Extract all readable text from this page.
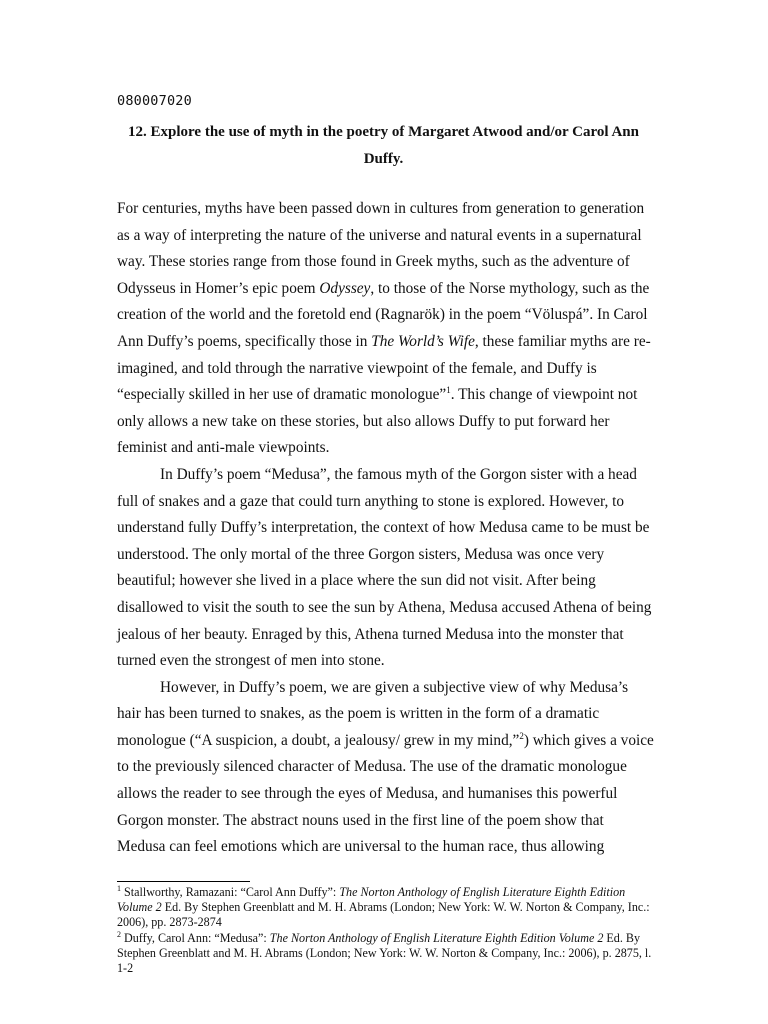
080007020
12. Explore the use of myth in the poetry of Margaret Atwood and/or Carol Ann Duffy.

For centuries, myths have been passed down in cultures from generation to generation as a way of interpreting the nature of the universe and natural events in a supernatural way. These stories range from those found in Greek myths, such as the adventure of Odysseus in Homer’s epic poem Odyssey, to those of the Norse mythology, such as the creation of the world and the foretold end (Ragnarök) in the poem “Völuspá”. In Carol Ann Duffy’s poems, specifically those in The World’s Wife, these familiar myths are re-imagined, and told through the narrative viewpoint of the female, and Duffy is “especially skilled in her use of dramatic monologue”$^1$. This change of viewpoint not only allows a new take on these stories, but also allows Duffy to put forward her feminist and anti-male viewpoints.

In Duffy’s poem “Medusa”, the famous myth of the Gorgon sister with a head full of snakes and a gaze that could turn anything to stone is explored. However, to understand fully Duffy’s interpretation, the context of how Medusa came to be must be understood. The only mortal of the three Gorgon sisters, Medusa was once very beautiful; however she lived in a place where the sun did not visit. After being disallowed to visit the south to see the sun by Athena, Medusa accused Athena of being jealous of her beauty. Enraged by this, Athena turned Medusa into the monster that turned even the strongest of men into stone.

However, in Duffy’s poem, we are given a subjective view of why Medusa’s hair has been turned to snakes, as the poem is written in the form of a dramatic monologue (“A suspicion, a doubt, a jealousy/ grew in my mind,”$^2$) which gives a voice to the previously silenced character of Medusa. The use of the dramatic monologue allows the reader to see through the eyes of Medusa, and humanises this powerful Gorgon monster. The abstract nouns used in the first line of the poem show that Medusa can feel emotions which are universal to the human race, thus allowing

$^1$ Stallworthy, Ramazani: “Carol Ann Duffy”: The Norton Anthology of English Literature Eighth Edition Volume 2 Ed. By Stephen Greenblatt and M. H. Abrams (London; New York: W. W. Norton & Company, Inc.: 2006), pp. 2873-2874

$^2$ Duffy, Carol Ann: “Medusa”: The Norton Anthology of English Literature Eighth Edition Volume 2 Ed. By Stephen Greenblatt and M. H. Abrams (London; New York: W. W. Norton & Company, Inc.: 2006), p. 2875, l. 1-2
